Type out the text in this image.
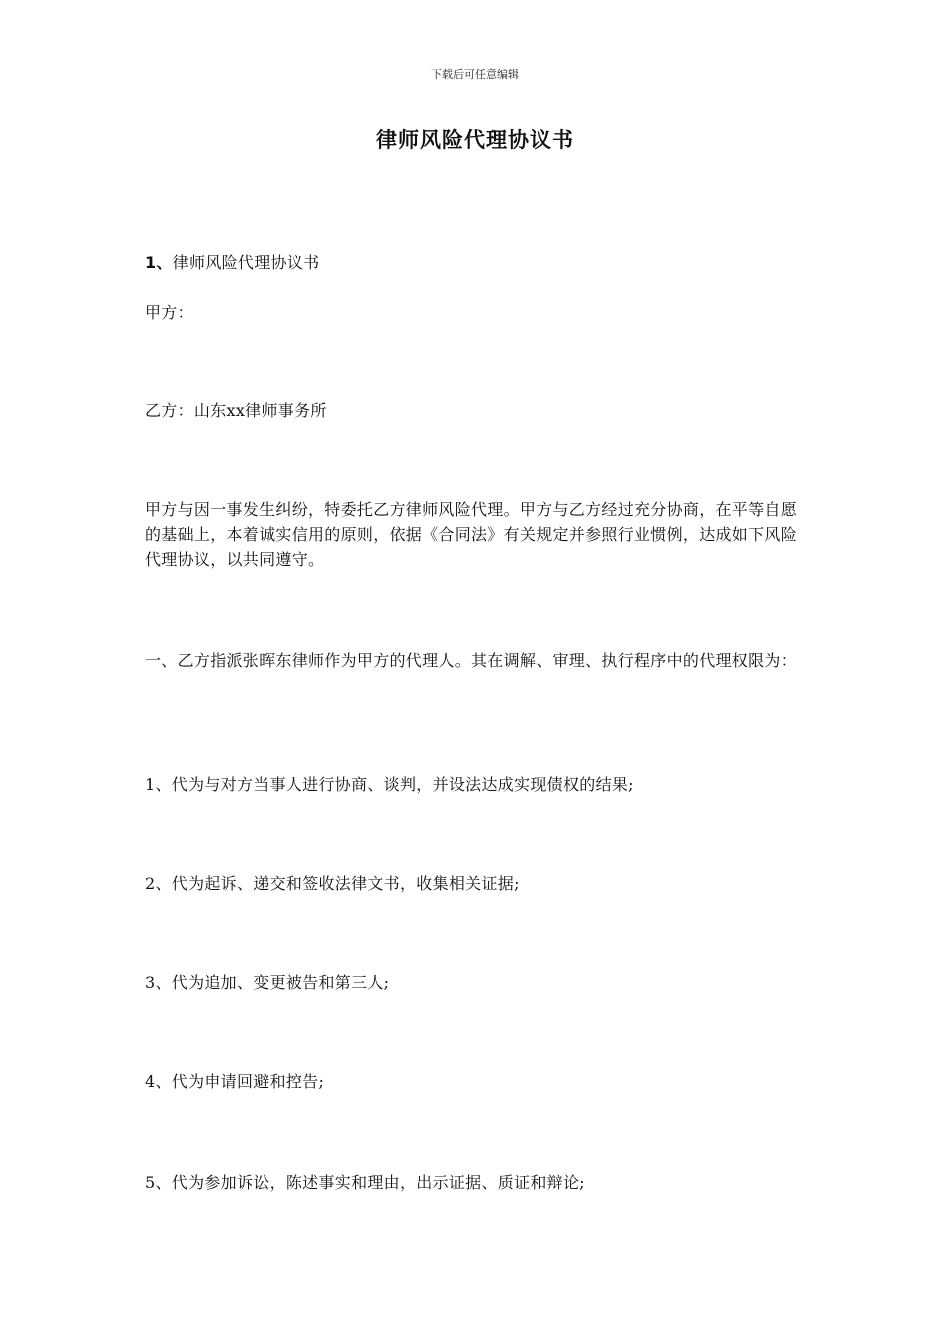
下载后可任意编辑
律师风险代理协议书
1、律师风险代理协议书
甲方：
乙方：山东xx律师事务所
甲方与因一事发生纠纷，特委托乙方律师风险代理。甲方与乙方经过充分协商，在平等自愿的基础上，本着诚实信用的原则，依据《合同法》有关规定并参照行业惯例，达成如下风险代理协议，以共同遵守。
一、乙方指派张晖东律师作为甲方的代理人。其在调解、审理、执行程序中的代理权限为：
1、代为与对方当事人进行协商、谈判，并设法达成实现债权的结果;
2、代为起诉、递交和签收法律文书，收集相关证据;
3、代为追加、变更被告和第三人;
4、代为申请回避和控告;
5、代为参加诉讼，陈述事实和理由，出示证据、质证和辩论;
